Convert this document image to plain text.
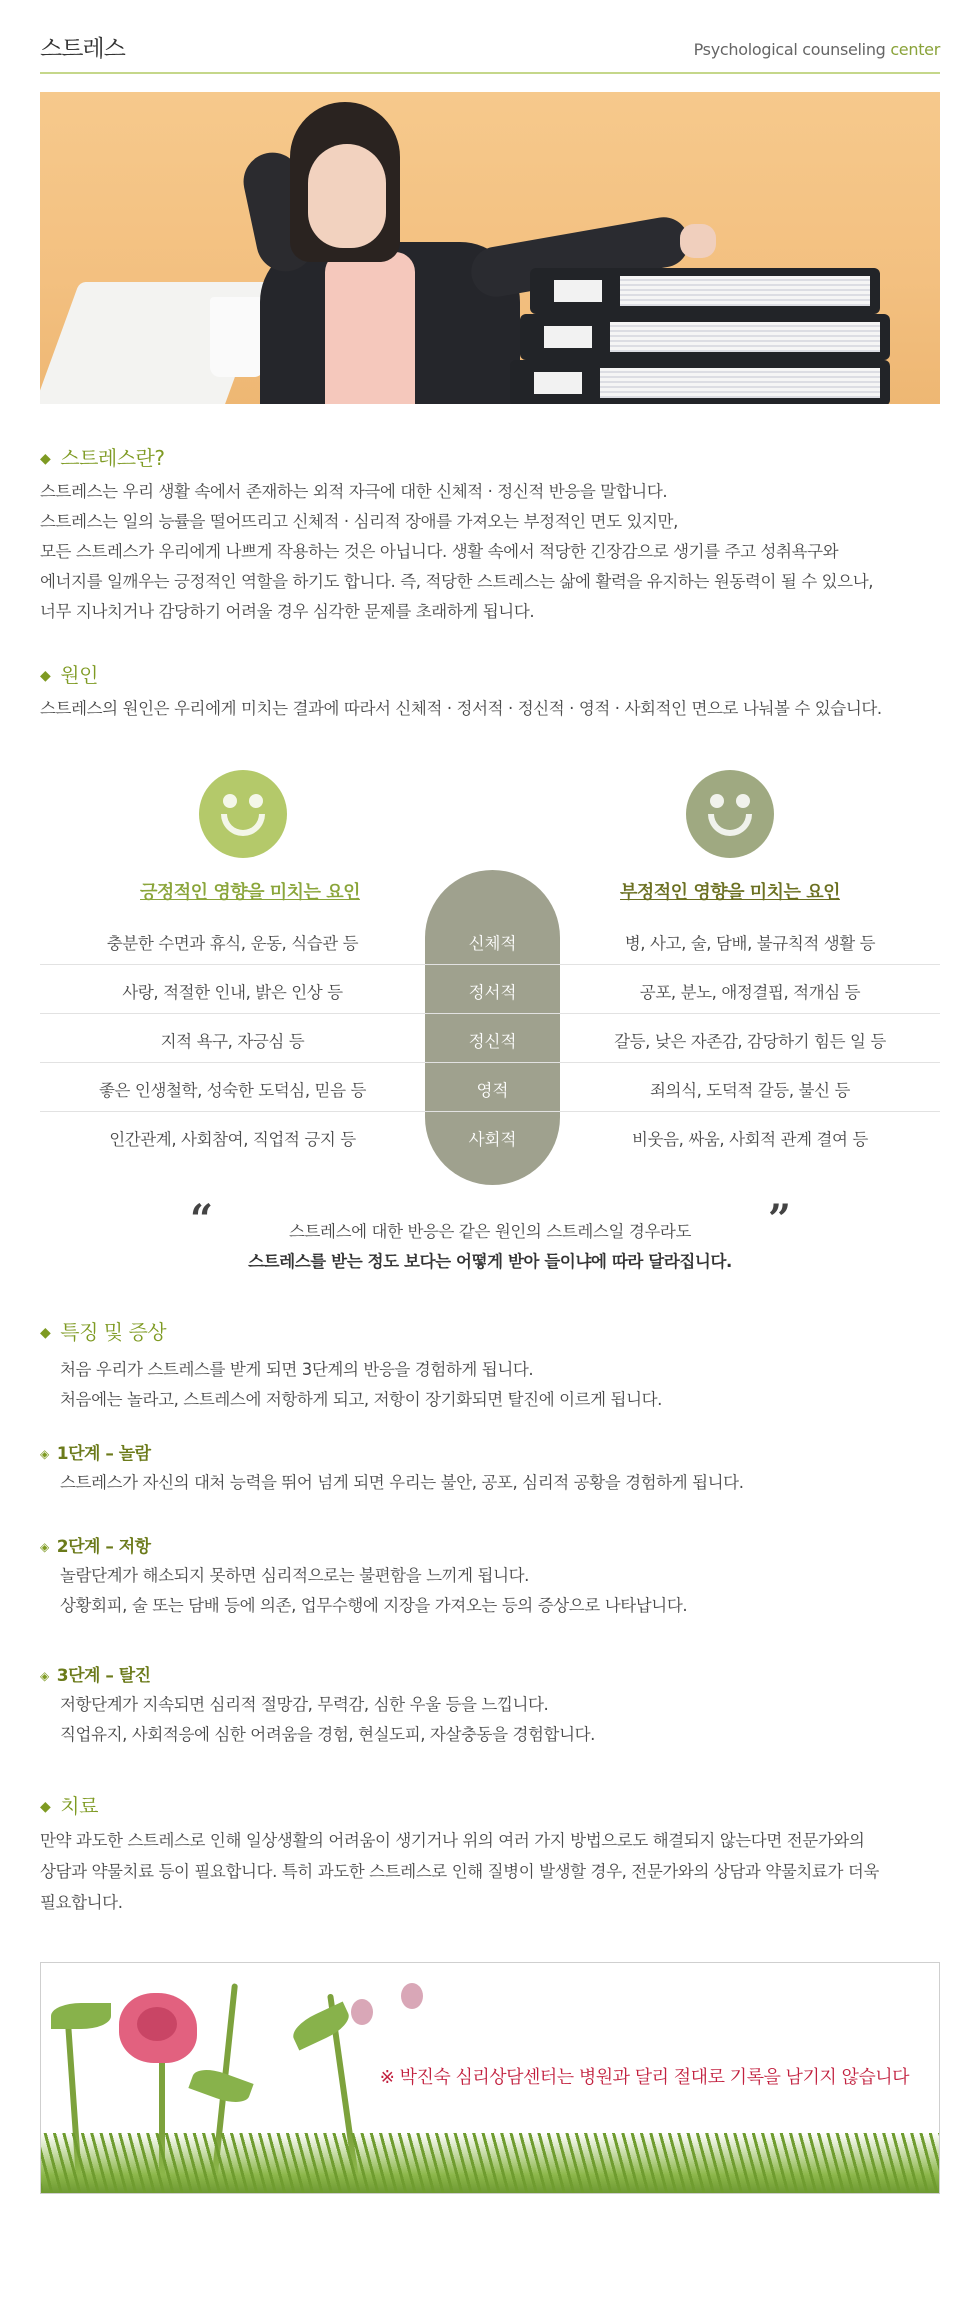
스트레스	Psychological counseling center
◆ 스트레스란?
스트레스는 우리 생활 속에서 존재하는 외적 자극에 대한 신체적 · 정신적 반응을 말합니다.
스트레스는 일의 능률을 떨어뜨리고 신체적 · 심리적 장애를 가져오는 부정적인 면도 있지만,
모든 스트레스가 우리에게 나쁘게 작용하는 것은 아닙니다. 생활 속에서 적당한 긴장감으로 생기를 주고 성취욕구와
에너지를 일깨우는 긍정적인 역할을 하기도 합니다. 즉, 적당한 스트레스는 삶에 활력을 유지하는 원동력이 될 수 있으나,
너무 지나치거나 감당하기 어려울 경우 심각한 문제를 초래하게 됩니다.
◆ 원인
스트레스의 원인은 우리에게 미치는 결과에 따라서 신체적 · 정서적 · 정신적 · 영적 · 사회적인 면으로 나눠볼 수 있습니다.
긍정적인 영향을 미치는 요인	부정적인 영향을 미치는 요인
충분한 수면과 휴식, 운동, 식습관 등	신체적	병, 사고, 술, 담배, 불규칙적 생활 등
사랑, 적절한 인내, 밝은 인상 등	정서적	공포, 분노, 애정결핍, 적개심 등
지적 욕구, 자긍심 등	정신적	갈등, 낮은 자존감, 감당하기 힘든 일 등
좋은 인생철학, 성숙한 도덕심, 믿음 등	영적	죄의식, 도덕적 갈등, 불신 등
인간관계, 사회참여, 직업적 긍지 등	사회적	비웃음, 싸움, 사회적 관계 결여 등
“	스트레스에 대한 반응은 같은 원인의 스트레스일 경우라도
스트레스를 받는 정도 보다는 어떻게 받아 들이냐에 따라 달라집니다.
”
◆ 특징 및 증상
처음 우리가 스트레스를 받게 되면 3단계의 반응을 경험하게 됩니다.
처음에는 놀라고, 스트레스에 저항하게 되고, 저항이 장기화되면 탈진에 이르게 됩니다.
◈ 1단계 – 놀람
스트레스가 자신의 대처 능력을 뛰어 넘게 되면 우리는 불안, 공포, 심리적 공황을 경험하게 됩니다.
◈ 2단계 – 저항
놀람단계가 해소되지 못하면 심리적으로는 불편함을 느끼게 됩니다.
상황회피, 술 또는 담배 등에 의존, 업무수행에 지장을 가져오는 등의 증상으로 나타납니다.
◈ 3단계 – 탈진
저항단계가 지속되면 심리적 절망감, 무력감, 심한 우울 등을 느낍니다.
직업유지, 사회적응에 심한 어려움을 경험, 현실도피, 자살충동을 경험합니다.
◆ 치료
만약 과도한 스트레스로 인해 일상생활의 어려움이 생기거나 위의 여러 가지 방법으로도 해결되지 않는다면 전문가와의
상담과 약물치료 등이 필요합니다. 특히 과도한 스트레스로 인해 질병이 발생할 경우, 전문가와의 상담과 약물치료가 더욱
필요합니다.
※ 박진숙 심리상담센터는 병원과 달리 절대로 기록을 남기지 않습니다
